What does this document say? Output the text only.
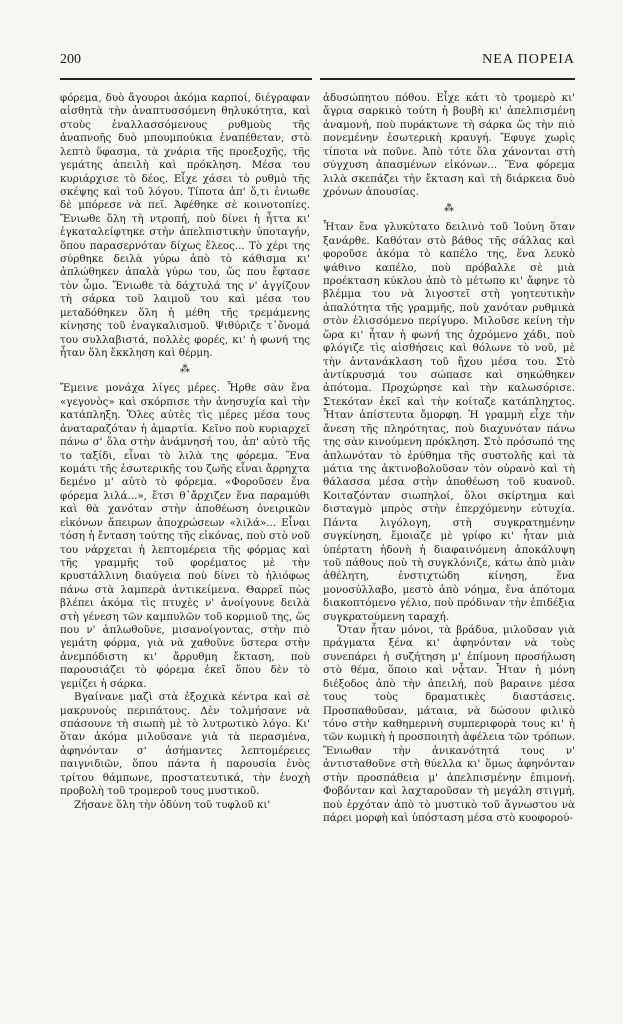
200	ΝΕΑ ΠΟΡΕΙΑ

φόρεμα, δυὸ ἄγουροι ἀκόμα καρποί, διέγραφαν αἰσθητὰ τὴν ἀναπτυσσόμενη θηλυκότητα, καὶ στοὺς ἐναλλασσόμενους ρυθμοὺς τῆς ἀναπνοῆς δυὸ μπουμπούκια ἐναπέθεταν, στὸ λεπτὸ ὕφασμα, τὰ χνάρια τῆς προεξοχῆς, τῆς γεμάτης ἀπειλὴ καὶ πρόκληση. Μέσα του κυριάρχισε τὸ δέος. Εἶχε χάσει τὸ ρυθμὸ τῆς σκέψης καὶ τοῦ λόγου. Τίποτα ἀπ' ὅ,τι ἐνιωθε δὲ μπόρεσε νὰ πεῖ. Ἀφέθηκε σὲ κοινοτοπίες. Ἔνιωθε ὅλη τὴ ντροπή, ποὺ δίνει ἡ ἧττα κι' ἐγκαταλείφτηκε στὴν ἀπελπιστικὴν ὑποταγήν, ὅπου παρασερνόταν δίχως ἔλεος... Τὸ χέρι της σύρθηκε δειλὰ γύρω ἀπὸ τὸ κάθισμα κι' ἁπλώθηκεν ἁπαλὰ γύρω του, ὥς που ἔφτασε τὸν ὦμο. Ἔνιωθε τὰ δάχτυλά της ν' ἀγγίζουν τὴ σάρκα τοῦ λαιμοῦ του καὶ μέσα του μεταδόθηκεν ὅλη ἡ μέθη τῆς τρεμάμενης κίνησης τοῦ ἐναγκαλισμοῦ. Ψιθύριζε τ᾽ὄνομά του συλλαβιστά, πολλὲς φορές, κι' ἡ φωνή της ἦταν ὅλη ἔκκληση καὶ θέρμη.

⁂

Ἔμεινε μονάχα λίγες μέρες. Ἦρθε σὰν ἕνα «γεγονὸς» καὶ σκόρπισε τὴν ἀνησυχία καὶ τὴν κατάπληξη. Ὅλες αὐτὲς τὶς μέρες μέσα τους ἀναταραζόταν ἡ ἁμαρτία. Κεῖνο ποὺ κυριαρχεῖ πάνω σ' ὅλα στὴν ἀνάμνησή του, ἀπ' αὐτὸ τῆς το ταξίδι, εἶναι τὸ λιλὰ της φόρεμα. Ἕνα κομάτι τῆς ἐσωτερικῆς του ζωῆς εἶναι ἄρρηχτα δεμένο μ' αὐτὸ τὸ φόρεμα. «Φοροῦσεν ἕνα φόρεμα λιλά...», ἔτσι θ᾽ἄρχιζεν ἕνα παραμύθι καὶ θὰ χανόταν στὴν ἀποθέωση ὀνειρικῶν εἰκόνων ἄπειρων ἀποχρώσεων «λιλά»... Εἶναι τόση ἡ ἔνταση τούτης τῆς εἰκόνας, ποὺ στὸ νοῦ του νάρχεται ἡ λεπτομέρεια τῆς φόρμας καὶ τῆς γραμμῆς τοῦ φορέματος μὲ τὴν κρυστάλλινη διαύγεια ποὺ δίνει τὸ ἡλιόφως πάνω στὰ λαμπερὰ ἀντικείμενα. Θαρρεῖ πὼς βλέπει ἀκόμα τὶς πτυχὲς ν' ἀνοίγουνε δειλὰ στὴ γένεση τῶν καμπυλῶν τοῦ κορμιοῦ της, ὥς που ν' ἁπλωθοῦνε, μισανοίγοντας, στὴν πιὸ γεμάτη φόρμα, γιὰ νὰ χαθοῦνε ὕστερα στὴν ἀνεμπόδιστη κι' ἄρρυθμη ἔκταση, ποὺ παρουσιάζει τὸ φόρεμα ἐκεῖ ὅπου δὲν τὸ γεμίζει ἡ σάρκα.

Βγαίνανε μαζὶ στὰ ἐξοχικὰ κέντρα καὶ σὲ μακρυνοὺς περιπάτους. Δὲν τολμήσανε νὰ σπάσουνε τὴ σιωπὴ μὲ τὸ λυτρωτικὸ λόγο. Κι' ὅταν ἀκόμα μιλοῦσανε γιὰ τὰ περασμένα, ἀφηνόνταν σ' ἀσήμαντες λεπτομέρειες παιγνιδιῶν, ὅπου πάντα ἡ παρουσία ἑνὸς τρίτου θάμπωνε, προστατευτικά, τὴν ἐνοχὴ προβολὴ τοῦ τρομεροῦ τους μυστικοῦ.

Ζήσανε ὅλη τὴν ὀδύνη τοῦ τυφλοῦ κι'

ἀδυσώπητου πόθου. Εἶχε κάτι τὸ τρομερὸ κι' ἄγρια σαρκικὸ τούτη ἡ βουβὴ κι' ἀπελπισμένη ἀναμονή, ποὺ πυράκτωνε τὴ σάρκα ὥς τὴν πιὸ πονεμένην ἐσωτερικὴ κραυγή. Ἔφυγε χωρὶς τίποτα νὰ ποῦνε. Ἀπὸ τότε ὅλα χάνονται στὴ σύγχυση ἀπασμένων εἰκόνων... Ἕνα φόρεμα λιλὰ σκεπάζει τὴν ἔκταση καὶ τὴ διάρκεια δυὸ χρόνων ἀπουσίας.

⁂

Ἦταν ἕνα γλυκύτατο δειλινὸ τοῦ Ἰούνη ὅταν ξανάρθε. Καθόταν στὸ βάθος τῆς σάλλας καὶ φοροῦσε ἀκόμα τὸ καπέλο της, ἕνα λευκὸ ψάθινο καπέλο, ποὺ πρόβαλλε σὲ μιὰ προέκταση κύκλου ἀπὸ τὸ μέτωπο κι' ἄφηνε τὸ βλέμμα του νὰ λιγοστεῖ στὴ γοητευτικὴν ἁπαλότητα τῆς γραμμῆς, ποὺ χανόταν ρυθμικὰ στὸν ἐλισσόμενο περίγυρο. Μιλοῦσε κείνη τὴν ὥρα κι' ἦταν ἡ φωνή της ὀχρόμενο χάδι, ποὺ φλόγιζε τὶς αἰσθήσεις καὶ θόλωνε τὸ νοῦ, μὲ τὴν ἀντανάκλαση τοῦ ἤχου μέσα του. Στὸ ἀντίκρυσμά του σώπασε καὶ σηκώθηκεν ἀπότομα. Προχώρησε καὶ τὴν καλωσόρισε. Στεκόταν ἐκεῖ καὶ τὴν κοίταζε κατάπληχτος. Ἦταν ἀπίστευτα ὄμορφη. Ἡ γραμμὴ εἶχε τὴν ἄνεση τῆς πληρότητας, ποὺ διαχυνόταν πάνω της σὰν κινούμενη πρόκληση. Στὸ πρόσωπό της ἁπλωνόταν τὸ ἐρύθημα τῆς συστολῆς καὶ τὰ μάτια της ἀκτινοβολοῦσαν τὸν οὐρανὸ καὶ τὴ θάλασσα μέσα στὴν ἀποθέωση τοῦ κυανοῦ. Κοιταζόνταν σιωπηλοί, ὅλοι σκίρτημα καὶ δισταγμὸ μπρὸς στὴν ἐπερχόμενην εὐτυχία. Πάντα λιγόλογη, στὴ συγκρατημένην συγκίνηση, ἔμοιαζε μὲ γρίφο κι' ἦταν μιὰ ὑπέρτατη ἡδονὴ ἡ διαφαινόμενη ἀποκάλυψη τοῦ πάθους ποὺ τὴ συγκλόνιζε, κάτω ἀπὸ μιὰν ἀθέλητη, ἐνστιχτώδη κίνηση, ἕνα μονοσύλλαβο, μεστὸ ἀπὸ νόημα, ἕνα ἀπότομα διακοπτόμενο γέλιο, ποὺ πρόδιναν τὴν ἐπιδέξια συγκρατούμενη ταραχή.

Ὅταν ἦταν μόνοι, τὰ βράδυα, μιλοῦσαν γιὰ πράγματα ξένα κι' ἀφηνόνταν νὰ τοὺς συνεπάρει ἡ συζήτηση μ' ἐπίμονη προσήλωση στὸ θέμα, ὅποιο καὶ νᾆταν. Ἦταν ἡ μόνη διέξοδος ἀπὸ τὴν ἀπειλή, ποὺ βαραινε μέσα τους τοὺς δραματικὲς διαστάσεις. Προσπαθοῦσαν, μάταια, νὰ δώσουν φιλικὸ τόνο στὴν καθημερινὴ συμπεριφορὰ τους κι' ἡ τῶν κωμικὴ ἡ προσποιητὴ ἀφέλεια τῶν τρόπων. Ἔνιωθαν τὴν ἀνικανότητά τους ν' ἀντισταθοῦνε στὴ θύελλα κι' ὅμως ἀφηνόνταν στὴν προσπάθεια μ' ἀπελπισμένην ἐπιμονή. Φοβόνταν καὶ λαχταροῦσαν τὴ μεγάλη στιγμή, ποὺ ἐρχόταν ἀπὸ τὸ μυστικὸ τοῦ ἄγνωστου νὰ πάρει μορφὴ καὶ ὑπόσταση μέσα στὸ κυοφορού-
